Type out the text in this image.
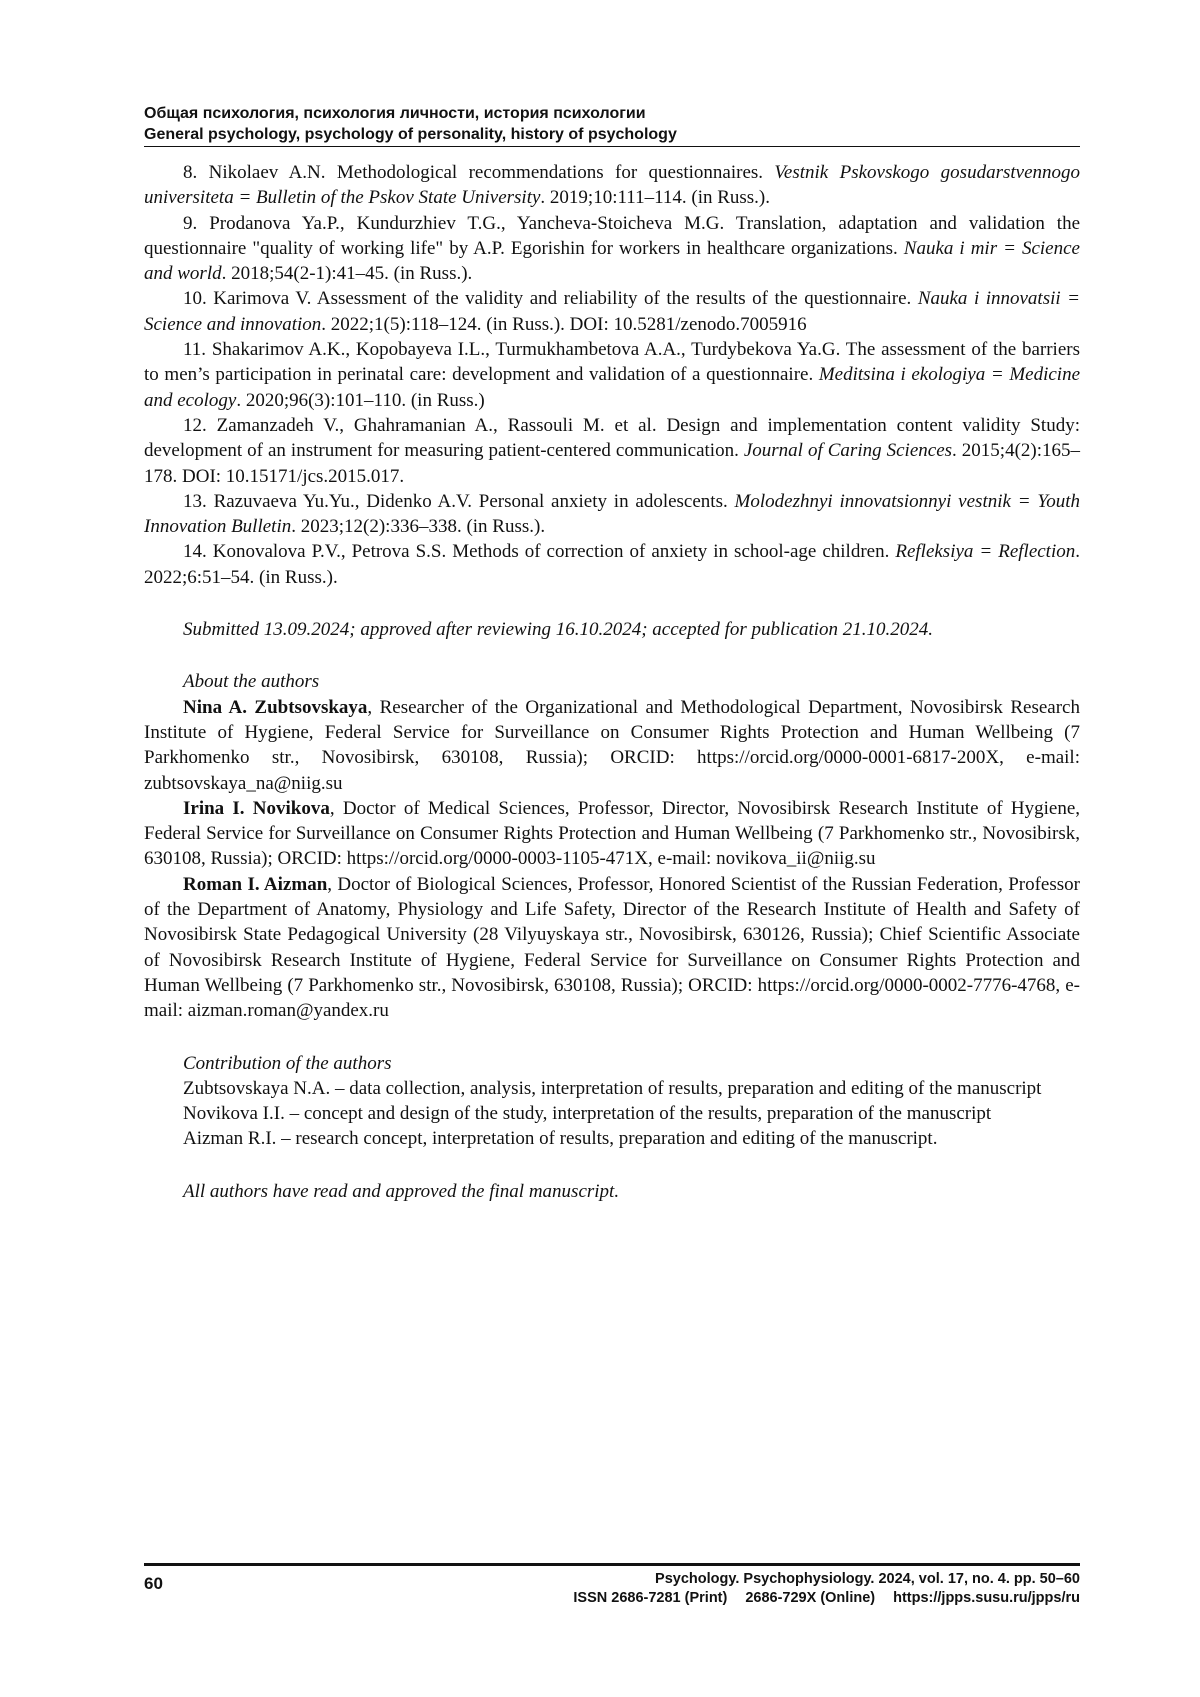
Общая психология, психология личности, история психологии
General psychology, psychology of personality, history of psychology

8. Nikolaev A.N. Methodological recommendations for questionnaires. Vestnik Pskovskogo gosudarstvennogo universiteta = Bulletin of the Pskov State University. 2019;10:111–114. (in Russ.).

9. Prodanova Ya.P., Kundurzhiev T.G., Yancheva-Stoicheva M.G. Translation, adaptation and validation the questionnaire "quality of working life" by A.P. Egorishin for workers in healthcare organizations. Nauka i mir = Science and world. 2018;54(2-1):41–45. (in Russ.).

10. Karimova V. Assessment of the validity and reliability of the results of the questionnaire. Nauka i innovatsii = Science and innovation. 2022;1(5):118–124. (in Russ.). DOI: 10.5281/zenodo.7005916

11. Shakarimov A.K., Kopobayeva I.L., Turmukhambetova A.A., Turdybekova Ya.G. The assessment of the barriers to men’s participation in perinatal care: development and validation of a questionnaire. Meditsina i ekologiya = Medicine and ecology. 2020;96(3):101–110. (in Russ.)

12. Zamanzadeh V., Ghahramanian A., Rassouli M. et al. Design and implementation content validity Study: development of an instrument for measuring patient-centered communication. Journal of Caring Sciences. 2015;4(2):165–178. DOI: 10.15171/jcs.2015.017.

13. Razuvaeva Yu.Yu., Didenko A.V. Personal anxiety in adolescents. Molodezhnyi innovatsionnyi vestnik = Youth Innovation Bulletin. 2023;12(2):336–338. (in Russ.).

14. Konovalova P.V., Petrova S.S. Methods of correction of anxiety in school-age children. Refleksiya = Reflection. 2022;6:51–54. (in Russ.).

Submitted 13.09.2024; approved after reviewing 16.10.2024; accepted for publication 21.10.2024.

About the authors

Nina A. Zubtsovskaya, Researcher of the Organizational and Methodological Department, Novosibirsk Research Institute of Hygiene, Federal Service for Surveillance on Consumer Rights Protection and Human Wellbeing (7 Parkhomenko str., Novosibirsk, 630108, Russia); ORCID: https://orcid.org/0000-0001-6817-200X, e-mail: zubtsovskaya_na@niig.su

Irina I. Novikova, Doctor of Medical Sciences, Professor, Director, Novosibirsk Research Institute of Hygiene, Federal Service for Surveillance on Consumer Rights Protection and Human Wellbeing (7 Parkhomenko str., Novosibirsk, 630108, Russia); ORCID: https://orcid.org/0000-0003-1105-471X, e-mail: novikova_ii@niig.su

Roman I. Aizman, Doctor of Biological Sciences, Professor, Honored Scientist of the Russian Federation, Professor of the Department of Anatomy, Physiology and Life Safety, Director of the Research Institute of Health and Safety of Novosibirsk State Pedagogical University (28 Vilyuyskaya str., Novosibirsk, 630126, Russia); Chief Scientific Associate of Novosibirsk Research Institute of Hygiene, Federal Service for Surveillance on Consumer Rights Protection and Human Wellbeing (7 Parkhomenko str., Novosibirsk, 630108, Russia); ORCID: https://orcid.org/0000-0002-7776-4768, e-mail: aizman.roman@yandex.ru

Contribution of the authors

Zubtsovskaya N.A. – data collection, analysis, interpretation of results, preparation and editing of the manuscript

Novikova I.I. – concept and design of the study, interpretation of the results, preparation of the manuscript

Aizman R.I. – research concept, interpretation of results, preparation and editing of the manuscript.

All authors have read and approved the final manuscript.

60	Psychology. Psychophysiology. 2024, vol. 17, no. 4. pp. 50–60
ISSN 2686-7281 (Print) 2686-729X (Online) https://jpps.susu.ru/jpps/ru
